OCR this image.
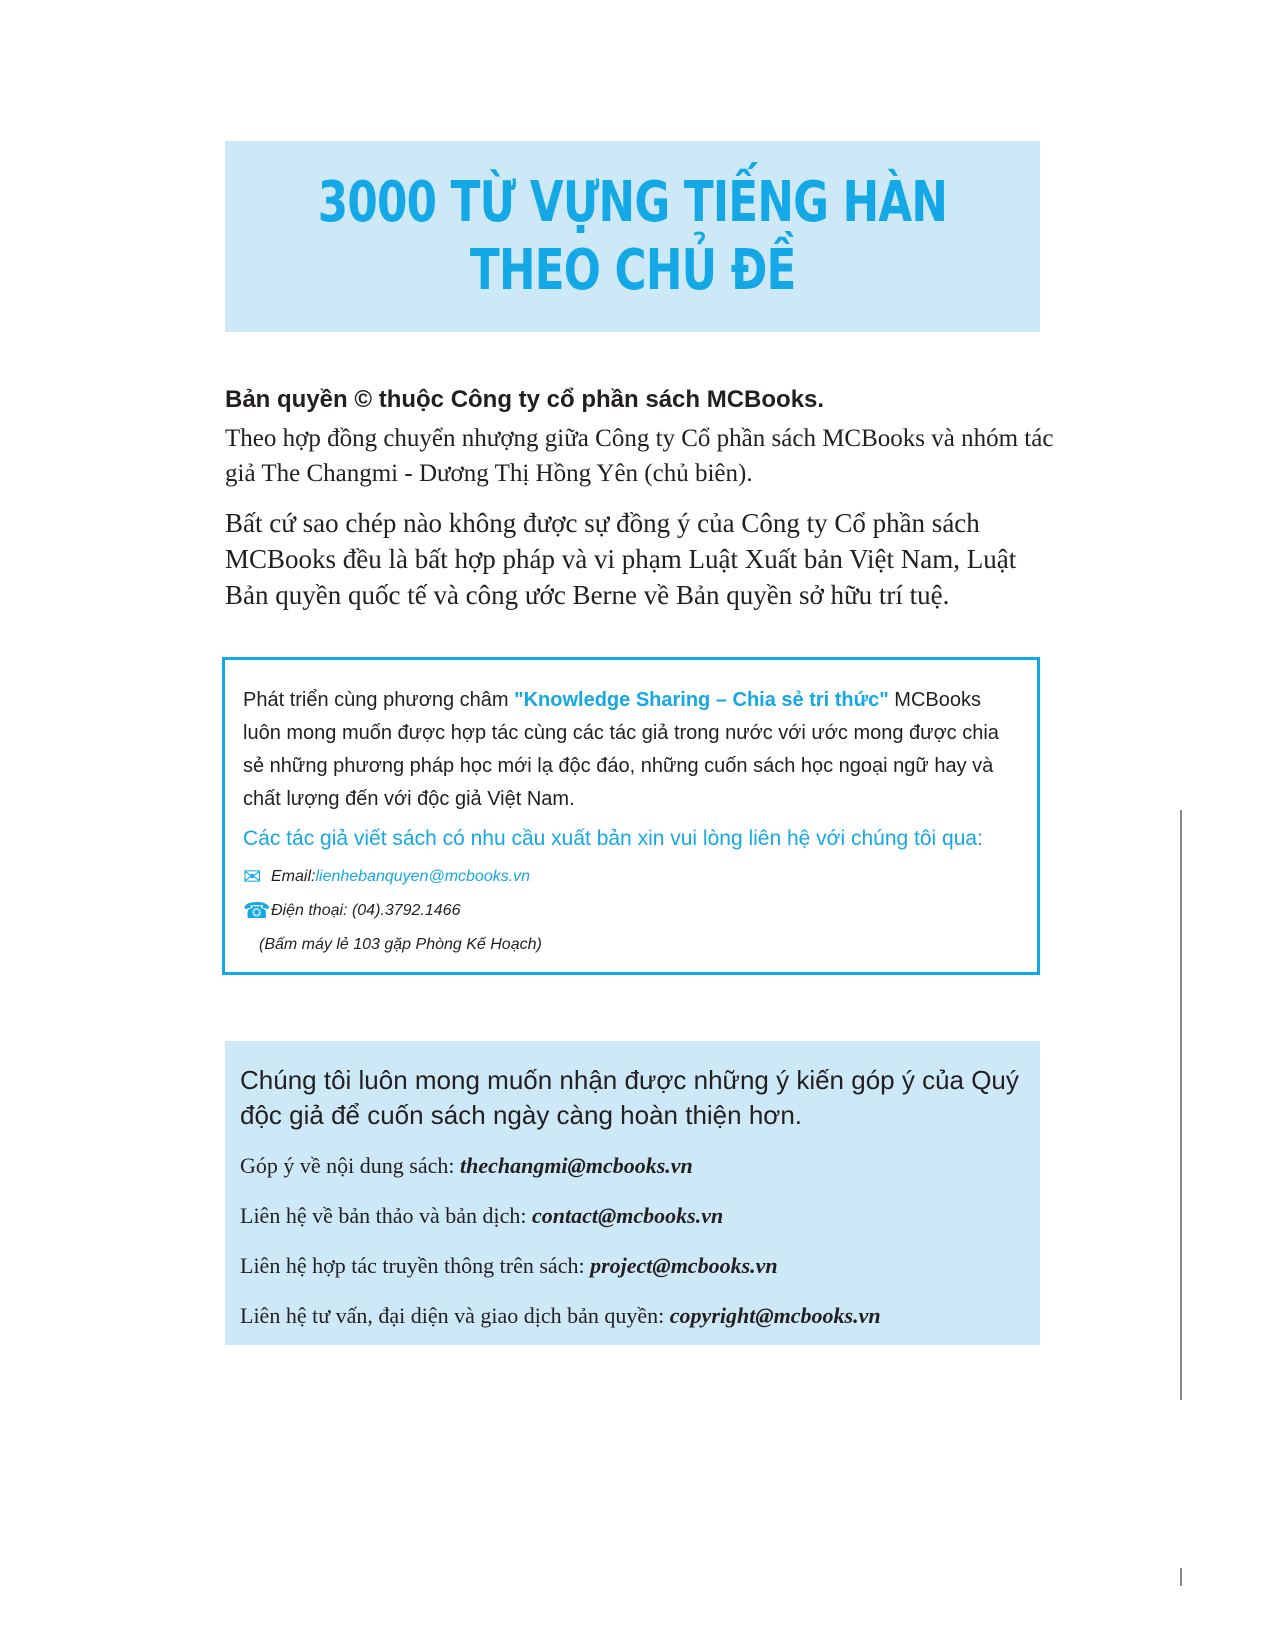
3000 TỪ VỰNG TIẾNG HÀN
THEO CHỦ ĐỀ

Bản quyền © thuộc Công ty cổ phần sách MCBooks.

Theo hợp đồng chuyển nhượng giữa Công ty Cổ phần sách MCBooks và nhóm tác giả The Changmi - Dương Thị Hồng Yên (chủ biên).

Bất cứ sao chép nào không được sự đồng ý của Công ty Cổ phần sách MCBooks đều là bất hợp pháp và vi phạm Luật Xuất bản Việt Nam, Luật Bản quyền quốc tế và công ước Berne về Bản quyền sở hữu trí tuệ.

Phát triển cùng phương châm "Knowledge Sharing – Chia sẻ tri thức" MCBooks luôn mong muốn được hợp tác cùng các tác giả trong nước với ước mong được chia sẻ những phương pháp học mới lạ độc đáo, những cuốn sách học ngoại ngữ hay và chất lượng đến với độc giả Việt Nam.

Các tác giả viết sách có nhu cầu xuất bản xin vui lòng liên hệ với chúng tôi qua:

✉ Email: lienhebanquyen@mcbooks.vn
☎ Điện thoại: (04).3792.1466
(Bấm máy lẻ 103 gặp Phòng Kế Hoạch)

Chúng tôi luôn mong muốn nhận được những ý kiến góp ý của Quý độc giả để cuốn sách ngày càng hoàn thiện hơn.

Góp ý về nội dung sách: thechangmi@mcbooks.vn

Liên hệ về bản thảo và bản dịch: contact@mcbooks.vn

Liên hệ hợp tác truyền thông trên sách: project@mcbooks.vn

Liên hệ tư vấn, đại diện và giao dịch bản quyền: copyright@mcbooks.vn
